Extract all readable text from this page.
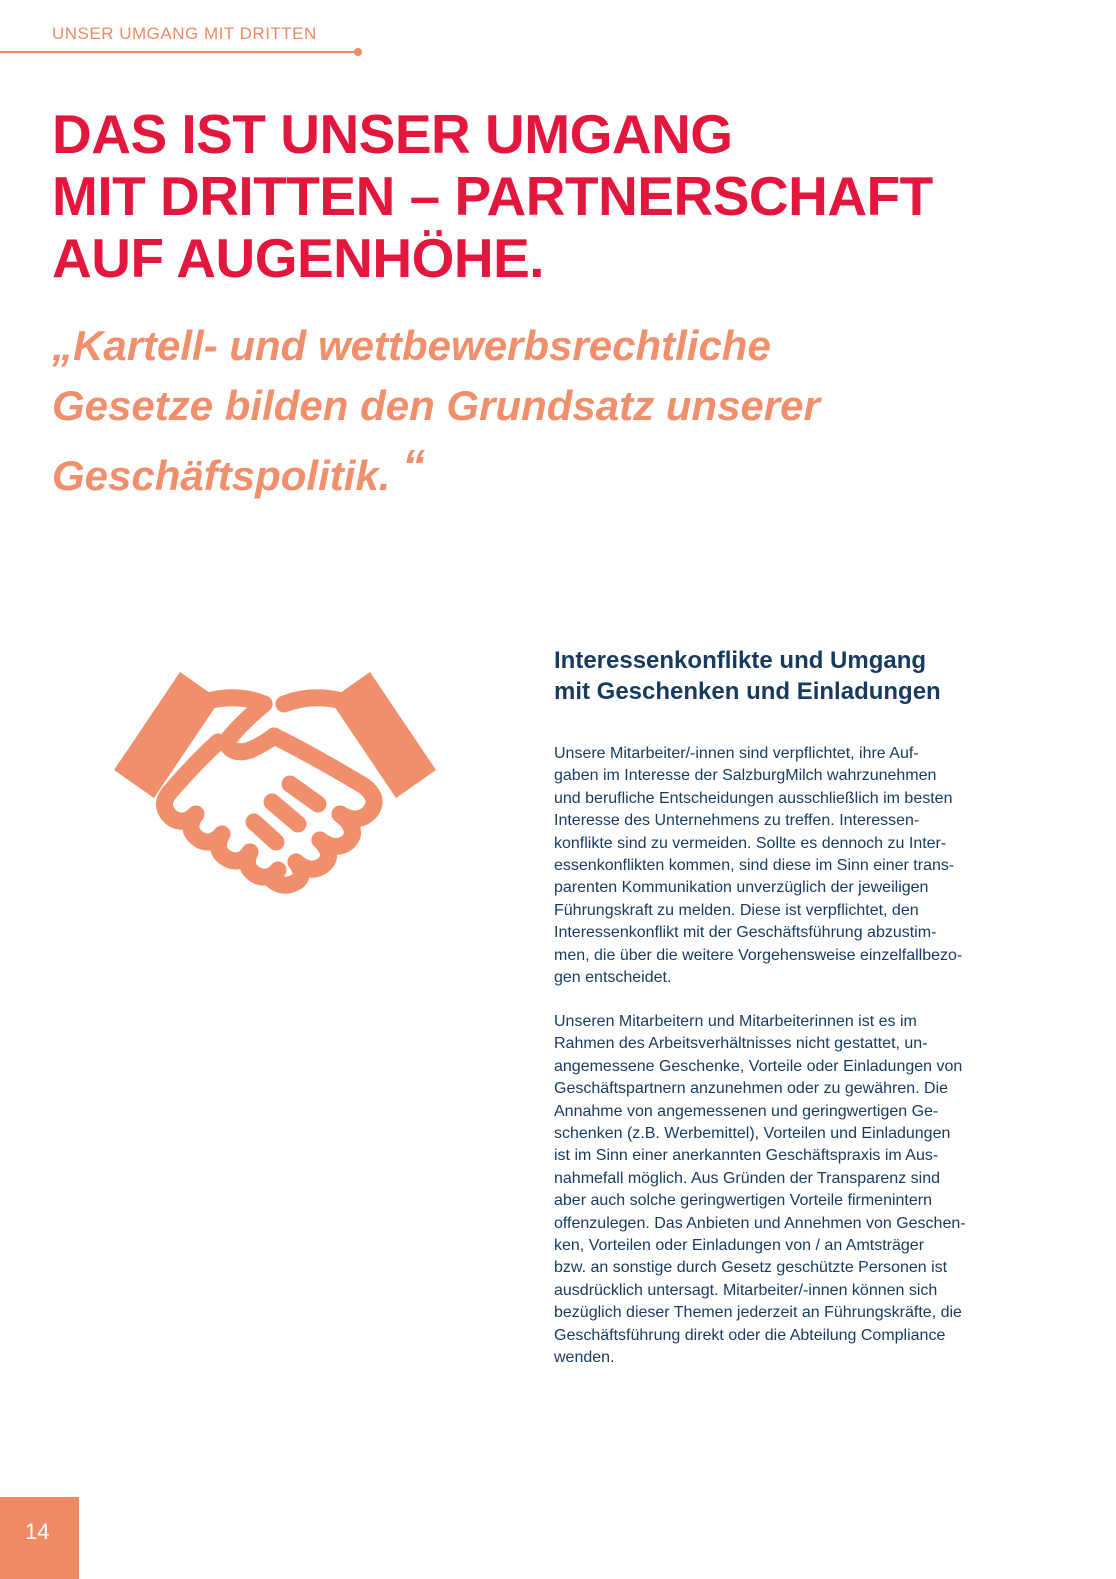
UNSER UMGANG MIT DRITTEN
DAS IST UNSER UMGANG
MIT DRITTEN – PARTNERSCHAFT
AUF AUGENHÖHE.
„Kartell- und wettbewerbsrechtliche
Gesetze bilden den Grundsatz unserer
Geschäftspolitik. “
Interessenkonflikte und Umgang
mit Geschenken und Einladungen

Unsere Mitarbeiter/-innen sind verpflichtet, ihre Auf-
gaben im Interesse der SalzburgMilch wahrzunehmen
und berufliche Entscheidungen ausschließlich im besten
Interesse des Unternehmens zu treffen. Interessen-
konflikte sind zu vermeiden. Sollte es dennoch zu Inter-
essenkonflikten kommen, sind diese im Sinn einer trans-
parenten Kommunikation unverzüglich der jeweiligen
Führungskraft zu melden. Diese ist verpflichtet, den
Interessenkonflikt mit der Geschäftsführung abzustim-
men, die über die weitere Vorgehensweise einzelfallbezo-
gen entscheidet.

Unseren Mitarbeitern und Mitarbeiterinnen ist es im
Rahmen des Arbeitsverhältnisses nicht gestattet, un-
angemessene Geschenke, Vorteile oder Einladungen von
Geschäftspartnern anzunehmen oder zu gewähren. Die
Annahme von angemessenen und geringwertigen Ge-
schenken (z.B. Werbemittel), Vorteilen und Einladungen
ist im Sinn einer anerkannten Geschäftspraxis im Aus-
nahmefall möglich. Aus Gründen der Transparenz sind
aber auch solche geringwertigen Vorteile firmenintern
offenzulegen. Das Anbieten und Annehmen von Geschen-
ken, Vorteilen oder Einladungen von / an Amtsträger
bzw. an sonstige durch Gesetz geschützte Personen ist
ausdrücklich untersagt. Mitarbeiter/-innen können sich
bezüglich dieser Themen jederzeit an Führungskräfte, die
Geschäftsführung direkt oder die Abteilung Compliance
wenden.

14
